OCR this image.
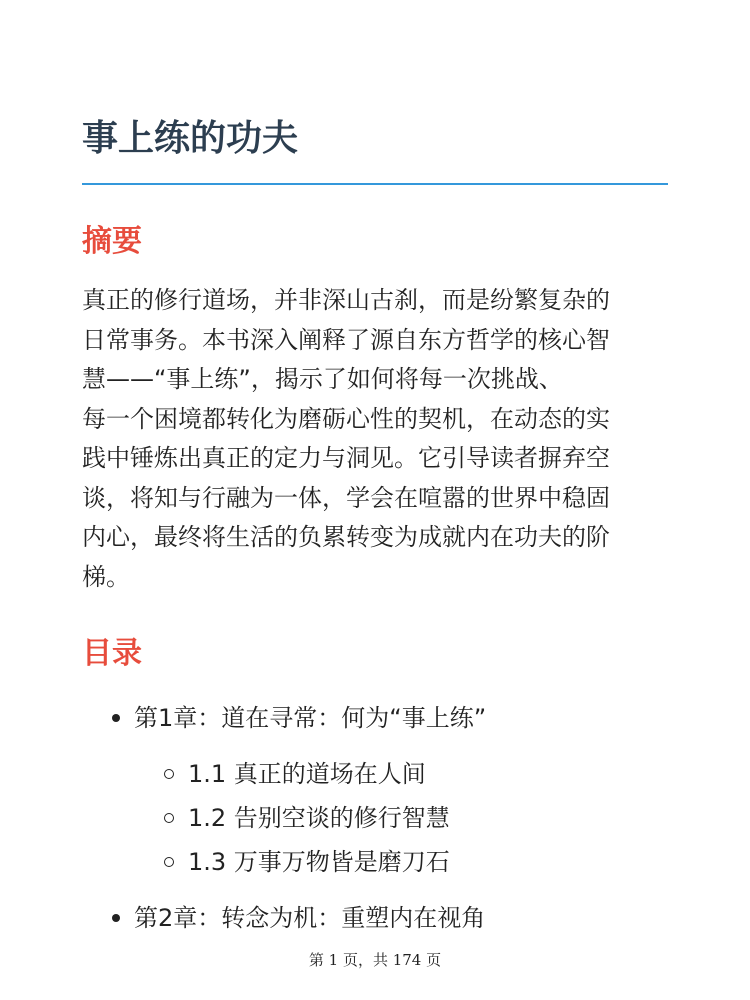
事上练的功夫
摘要
真正的修行道场，并非深山古刹，而是纷繁复杂的
日常事务。本书深入阐释了源自东方哲学的核心智
慧——“事上练”，揭示了如何将每一次挑战、
每一个困境都转化为磨砺心性的契机，在动态的实
践中锤炼出真正的定力与洞见。它引导读者摒弃空
谈，将知与行融为一体，学会在喧嚣的世界中稳固
内心，最终将生活的负累转变为成就内在功夫的阶
梯。
目录
第1章：道在寻常：何为“事上练”
1.1 真正的道场在人间
1.2 告别空谈的修行智慧
1.3 万事万物皆是磨刀石
第2章：转念为机：重塑内在视角
第 1 页，共 174 页
